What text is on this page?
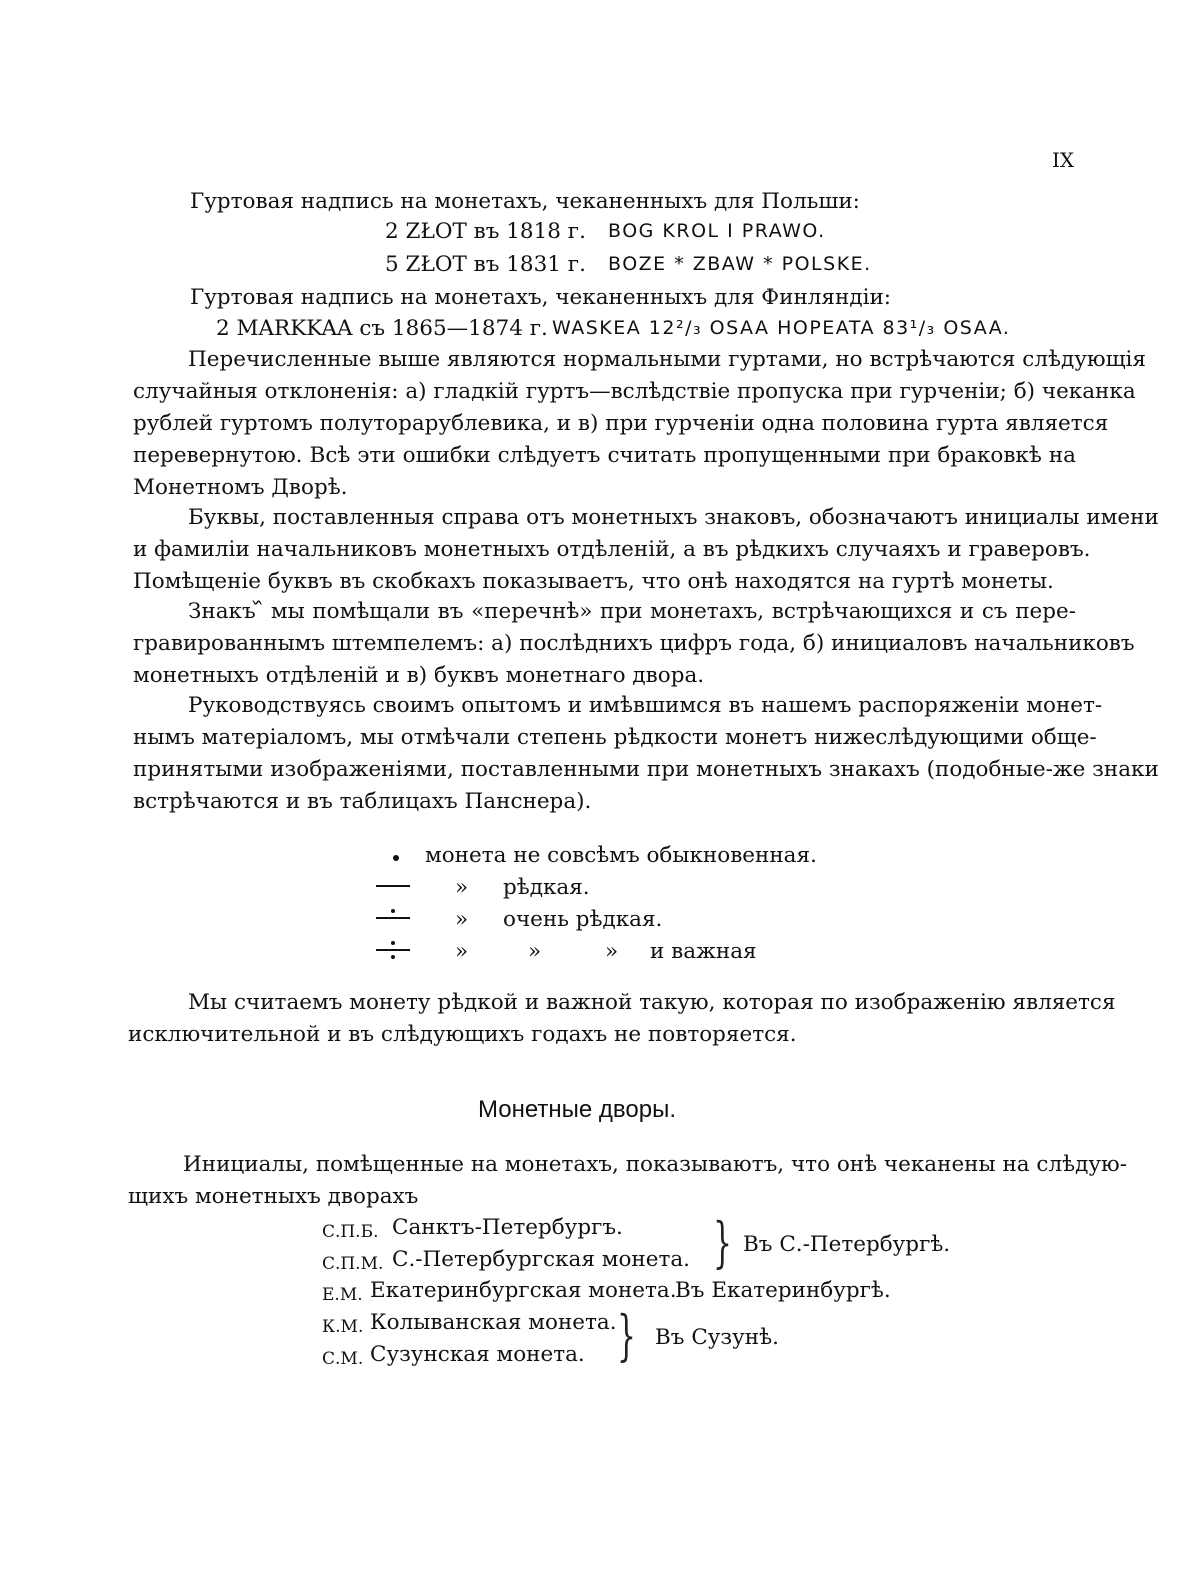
IX
Гуртовая надпись на монетахъ, чеканенныхъ для Польши:
2 ZŁOT въ 1818 г. BOG KROL I PRAWO.
5 ZŁOT въ 1831 г. BOZE * ZBAW * POLSKE.
Гуртовая надпись на монетахъ, чеканенныхъ для Финляндiи:
2 MARKKAA съ 1865—1874 г. WASKEA 12²/₃ OSAA HOPEATA 83¹/₃ OSAA.
Перечисленные выше являются нормальными гуртами, но встрѣчаются слѣдующiя
случайныя отклоненiя: а) гладкiй гуртъ—вслѣдствiе пропуска при гурченiи; б) чеканка
рублей гуртомъ полуторарублевика, и в) при гурченiи одна половина гурта является
перевернутою. Всѣ эти ошибки слѣдуетъ считать пропущенными при браковкѣ на
Монетномъ Дворѣ.
Буквы, поставленныя справа отъ монетныхъ знаковъ, обозначаютъ инициалы имени
и фамилiи начальниковъ монетныхъ отдѣленiй, а въ рѣдкихъ случаяхъ и граверовъ.
Помѣщенiе буквъ въ скобкахъ показываетъ, что онѣ находятся на гуртѣ монеты.
Знакъ ᷈ мы помѣщали въ «перечнѣ» при монетахъ, встрѣчающихся и съ пере-
гравированнымъ штемпелемъ: а) послѣднихъ цифръ года, б) инициаловъ начальниковъ
монетныхъ отдѣленiй и в) буквъ монетнаго двора.
Руководствуясь своимъ опытомъ и имѣвшимся въ нашемъ распоряженiи монет-
нымъ матерiаломъ, мы отмѣчали степень рѣдкости монетъ нижеслѣдующими обще-
принятыми изображенiями, поставленными при монетныхъ знакахъ (подобные-же знаки
встрѣчаются и въ таблицахъ Панснера).
монета не совсѣмъ обыкновенная.
» рѣдкая.
» очень рѣдкая.
»	»	» и важная
Мы считаемъ монету рѣдкой и важной такую, которая по изображенiю является
исключительной и въ слѣдующихъ годахъ не повторяется.
Монетные дворы.
Инициалы, помѣщенные на монетахъ, показываютъ, что онѣ чеканены на слѣдую-
щихъ монетныхъ дворахъ
С.П.Б. Санктъ-Петербургъ.
С.П.М. С.-Петербургская монета. } Въ С.-Петербургѣ.
Е.М. Екатеринбургская монета.
Въ Екатеринбургѣ.
К.М. Колыванская монета.
С.М. Сузунская монета. } Въ Сузунѣ.
